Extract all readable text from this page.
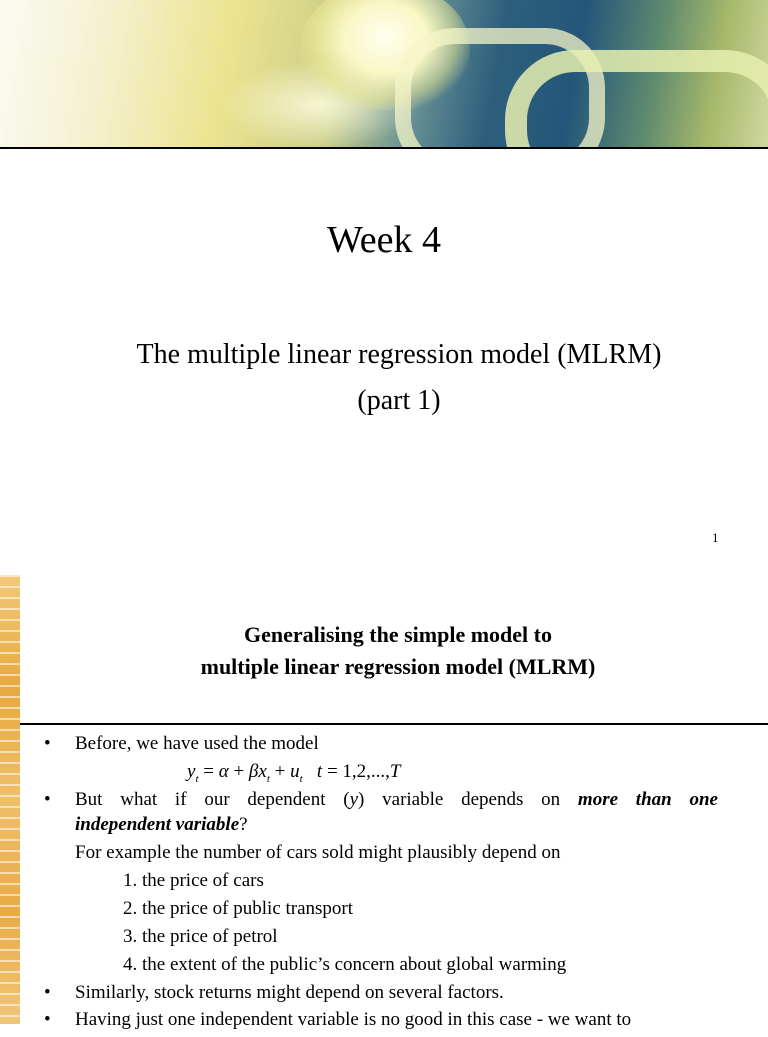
Week 4
The multiple linear regression model (MLRM)
(part 1)
1
Generalising the simple model to
multiple linear regression model (MLRM)
• Before, we have used the model
$y_t = \alpha + \beta x_t + u_t$ t = 1,2,...,T
• But what if our dependent (y) variable depends on more than one
independent variable?
For example the number of cars sold might plausibly depend on
1. the price of cars
2. the price of public transport
3. the price of petrol
4. the extent of the public’s concern about global warming
• Similarly, stock returns might depend on several factors.
• Having just one independent variable is no good in this case - we want to
